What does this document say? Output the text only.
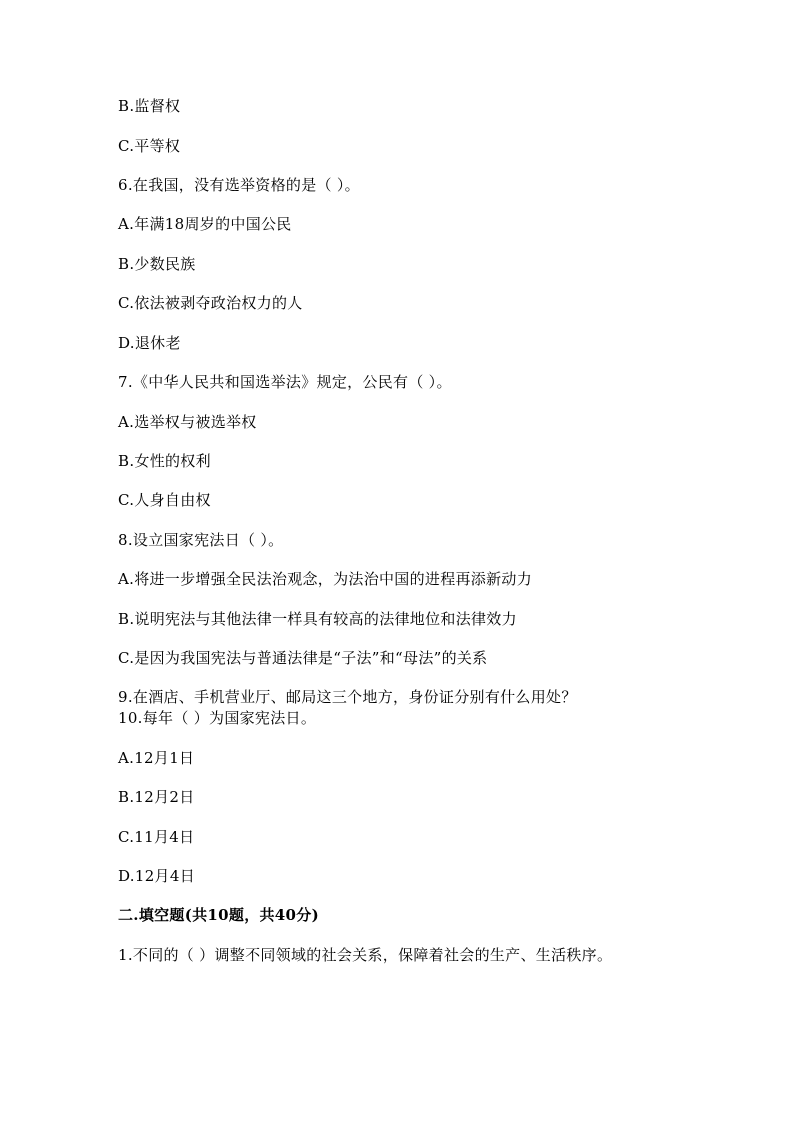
B.监督权
C.平等权
6.在我国，没有选举资格的是（ ）。
A.年满18周岁的中国公民
B.少数民族
C.依法被剥夺政治权力的人
D.退休老
7.《中华人民共和国选举法》规定，公民有（ ）。
A.选举权与被选举权
B.女性的权利
C.人身自由权
8.设立国家宪法日（ ）。
A.将进一步增强全民法治观念，为法治中国的进程再添新动力
B.说明宪法与其他法律一样具有较高的法律地位和法律效力
C.是因为我国宪法与普通法律是“子法”和“母法”的关系
9.在酒店、手机营业厅、邮局这三个地方，身份证分别有什么用处？
10.每年（ ）为国家宪法日。
A.12月1日
B.12月2日
C.11月4日
D.12月4日
二.填空题(共10题，共40分)
1.不同的（ ）调整不同领域的社会关系，保障着社会的生产、生活秩序。
